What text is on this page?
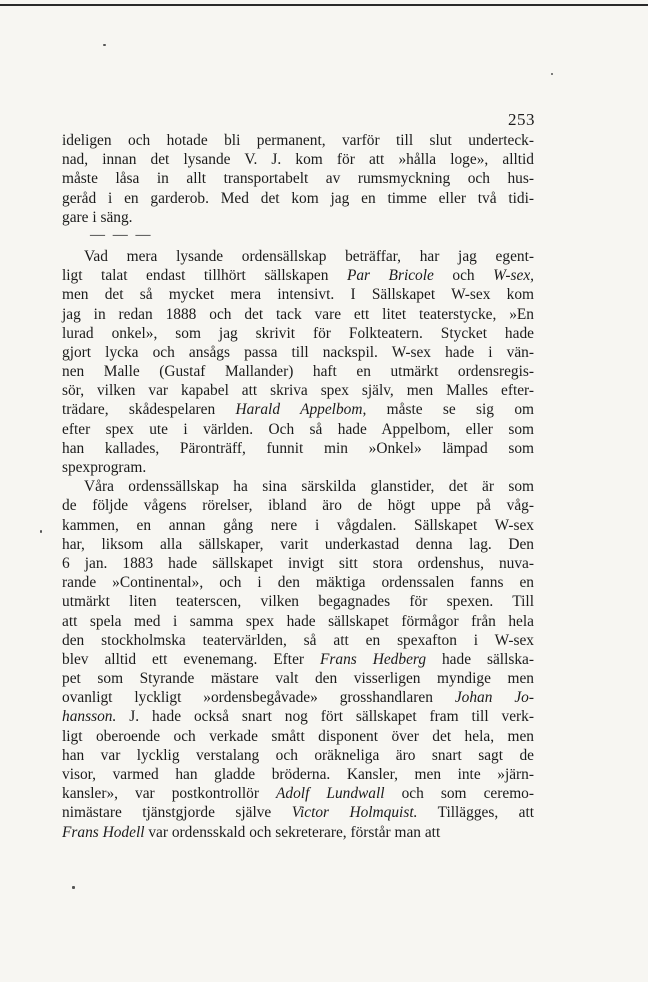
253
ideligen och hotade bli permanent, varför till slut underteck-
nad, innan det lysande V. J. kom för att »hålla loge», alltid
måste låsa in allt transportabelt av rumsmyckning och hus-
geråd i en garderob. Med det kom jag en timme eller två tidi-
gare i säng.
— — —
Vad mera lysande ordensällskap beträffar, har jag egent-
ligt talat endast tillhört sällskapen Par Bricole och W-sex,
men det så mycket mera intensivt. I Sällskapet W-sex kom
jag in redan 1888 och det tack vare ett litet teaterstycke, »En
lurad onkel», som jag skrivit för Folkteatern. Stycket hade
gjort lycka och ansågs passa till nackspil. W-sex hade i vän-
nen Malle (Gustaf Mallander) haft en utmärkt ordensregis-
sör, vilken var kapabel att skriva spex själv, men Malles efter-
trädare, skådespelaren Harald Appelbom, måste se sig om
efter spex ute i världen. Och så hade Appelbom, eller som
han kallades, Päronträff, funnit min »Onkel» lämpad som
spexprogram.
Våra ordenssällskap ha sina särskilda glanstider, det är som
de följde vågens rörelser, ibland äro de högt uppe på våg-
kammen, en annan gång nere i vågdalen. Sällskapet W-sex
har, liksom alla sällskaper, varit underkastad denna lag. Den
6 jan. 1883 hade sällskapet invigt sitt stora ordenshus, nuva-
rande »Continental», och i den mäktiga ordenssalen fanns en
utmärkt liten teaterscen, vilken begagnades för spexen. Till
att spela med i samma spex hade sällskapet förmågor från hela
den stockholmska teatervärlden, så att en spexafton i W-sex
blev alltid ett evenemang. Efter Frans Hedberg hade sällska-
pet som Styrande mästare valt den visserligen myndige men
ovanligt lyckligt »ordensbegåvade» grosshandlaren Johan Jo-
hansson. J. hade också snart nog fört sällskapet fram till verk-
ligt oberoende och verkade smått disponent över det hela, men
han var lycklig verstalang och oräkneliga äro snart sagt de
visor, varmed han gladde bröderna. Kansler, men inte »järn-
kansler», var postkontrollör Adolf Lundwall och som ceremo-
nimästare tjänstgjorde själve Victor Holmquist. Tillägges, att
Frans Hodell var ordensskald och sekreterare, förstår man att
